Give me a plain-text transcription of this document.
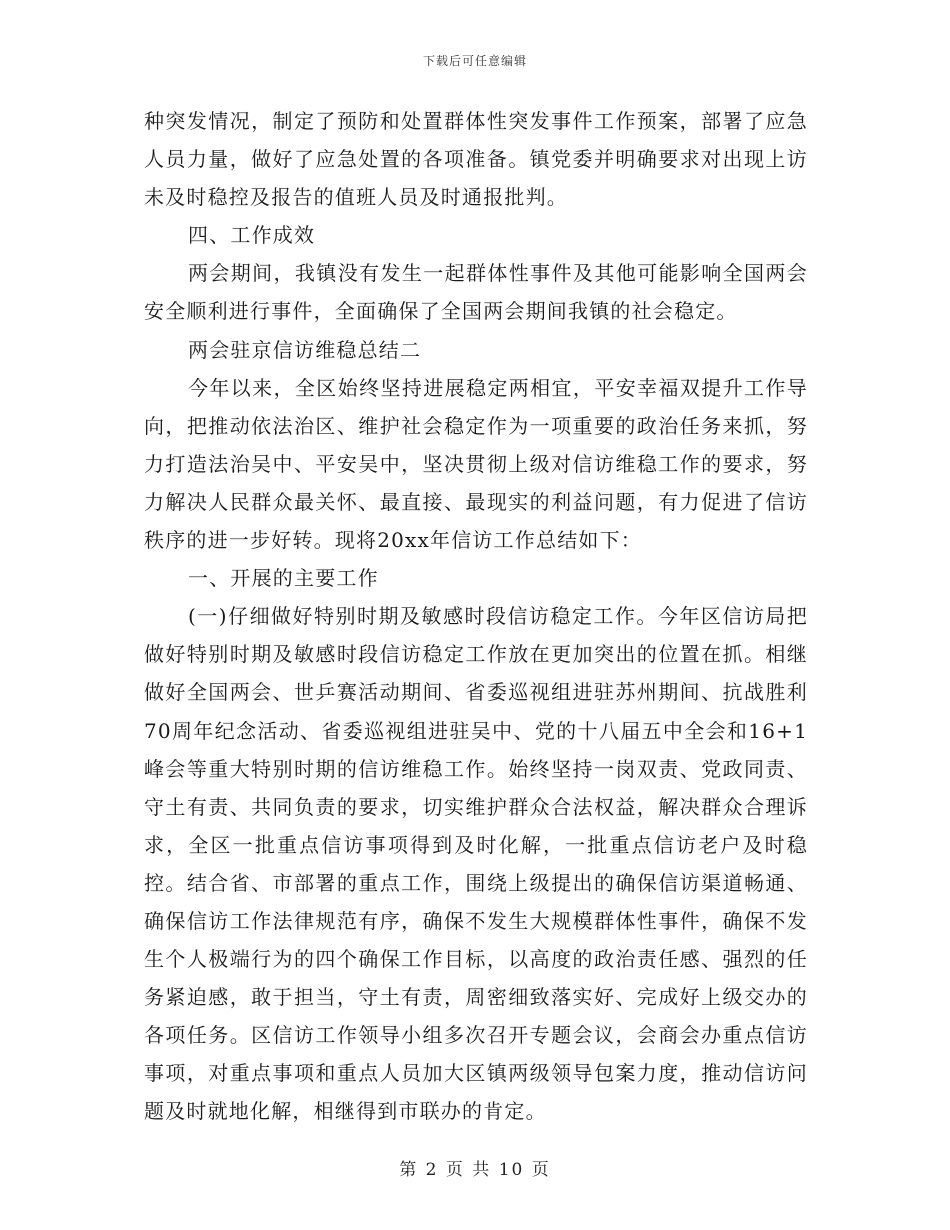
下载后可任意编辑

种突发情况，制定了预防和处置群体性突发事件工作预案，部署了应急人员力量，做好了应急处置的各项准备。镇党委并明确要求对出现上访未及时稳控及报告的值班人员及时通报批判。

四、工作成效

两会期间，我镇没有发生一起群体性事件及其他可能影响全国两会安全顺利进行事件，全面确保了全国两会期间我镇的社会稳定。

两会驻京信访维稳总结二

今年以来，全区始终坚持进展稳定两相宜，平安幸福双提升工作导向，把推动依法治区、维护社会稳定作为一项重要的政治任务来抓，努力打造法治吴中、平安吴中，坚决贯彻上级对信访维稳工作的要求，努力解决人民群众最关怀、最直接、最现实的利益问题，有力促进了信访秩序的进一步好转。现将20xx年信访工作总结如下：

一、开展的主要工作

(一)仔细做好特别时期及敏感时段信访稳定工作。今年区信访局把做好特别时期及敏感时段信访稳定工作放在更加突出的位置在抓。相继做好全国两会、世乒赛活动期间、省委巡视组进驻苏州期间、抗战胜利70周年纪念活动、省委巡视组进驻吴中、党的十八届五中全会和16+1峰会等重大特别时期的信访维稳工作。始终坚持一岗双责、党政同责、守土有责、共同负责的要求，切实维护群众合法权益，解决群众合理诉求，全区一批重点信访事项得到及时化解，一批重点信访老户及时稳控。结合省、市部署的重点工作，围绕上级提出的确保信访渠道畅通、确保信访工作法律规范有序，确保不发生大规模群体性事件，确保不发生个人极端行为的四个确保工作目标，以高度的政治责任感、强烈的任务紧迫感，敢于担当，守土有责，周密细致落实好、完成好上级交办的各项任务。区信访工作领导小组多次召开专题会议，会商会办重点信访事项，对重点事项和重点人员加大区镇两级领导包案力度，推动信访问题及时就地化解，相继得到市联办的肯定。

第 2 页 共 10 页
